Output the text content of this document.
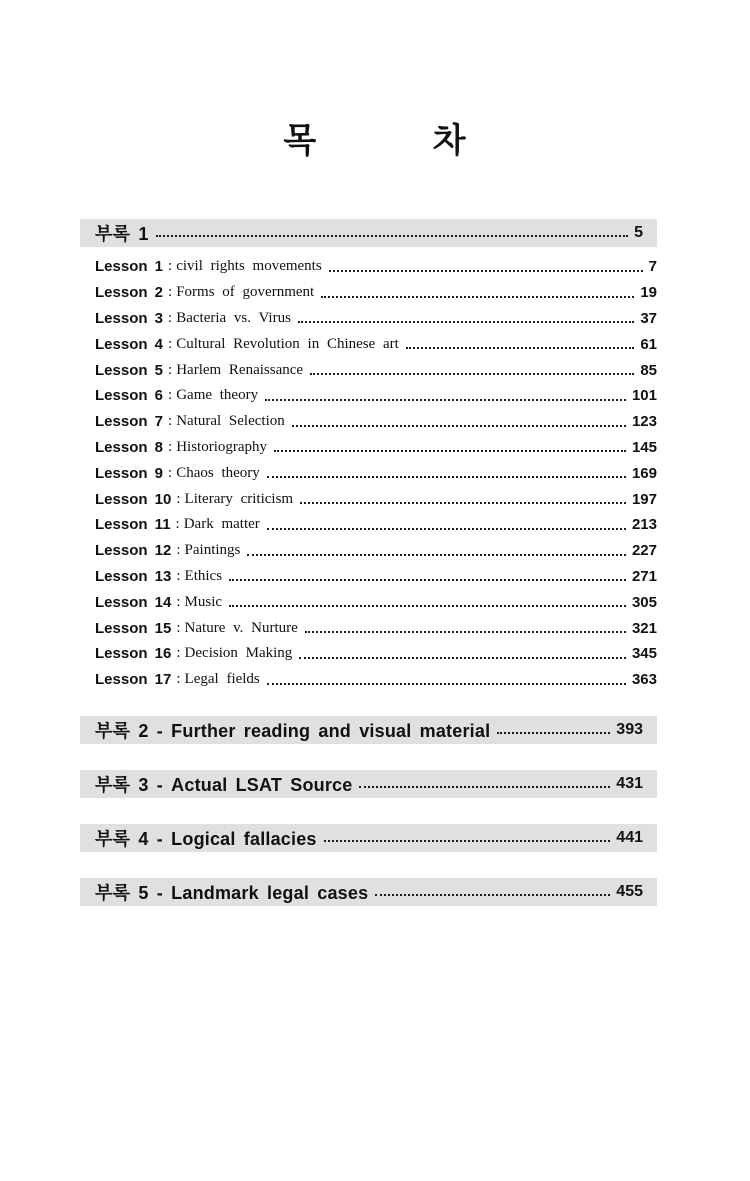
목 차
부록 1	5
Lesson 1 : civil rights movements	7
Lesson 2 : Forms of government	19
Lesson 3 : Bacteria vs. Virus	37
Lesson 4 : Cultural Revolution in Chinese art	61
Lesson 5 : Harlem Renaissance	85
Lesson 6 : Game theory	101
Lesson 7 : Natural Selection	123
Lesson 8 : Historiography	145
Lesson 9 : Chaos theory	169
Lesson 10 : Literary criticism	197
Lesson 11 : Dark matter	213
Lesson 12 : Paintings	227
Lesson 13 : Ethics	271
Lesson 14 : Music	305
Lesson 15 : Nature v. Nurture	321
Lesson 16 : Decision Making	345
Lesson 17 : Legal fields	363
부록 2 - Further reading and visual material	393
부록 3 - Actual LSAT Source	431
부록 4 - Logical fallacies	441
부록 5 - Landmark legal cases	455
